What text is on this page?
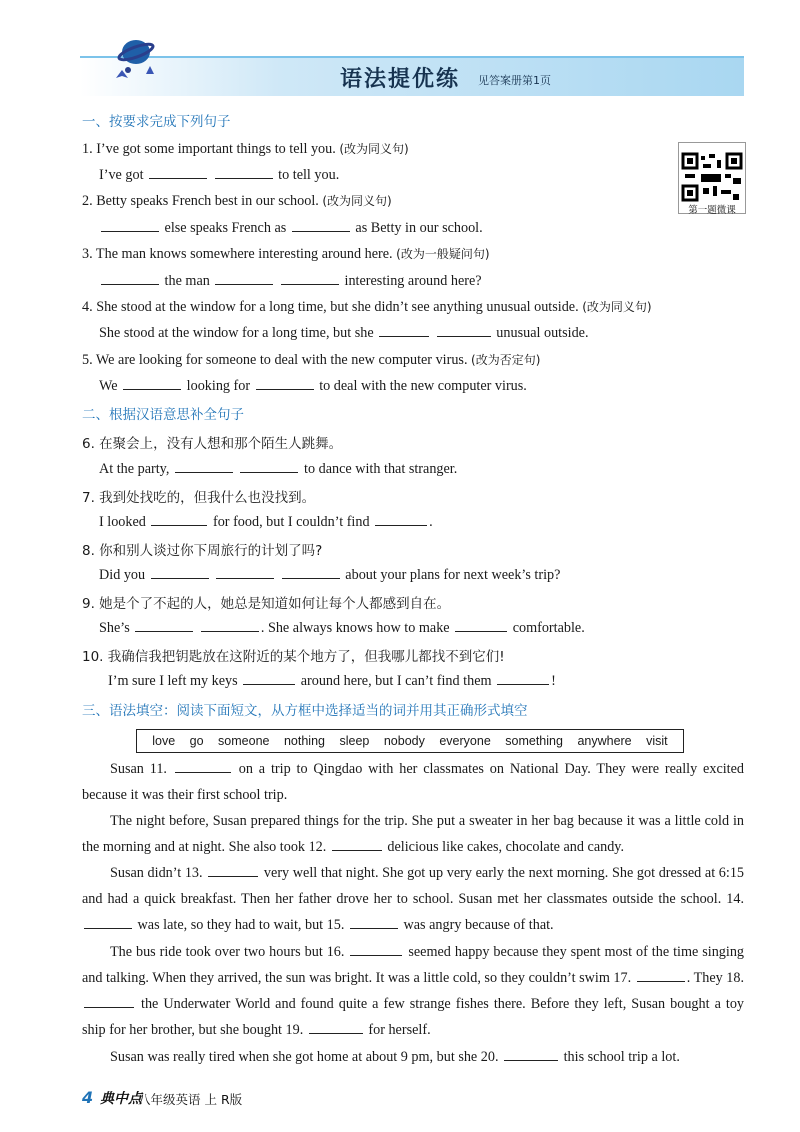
语法提优练 见答案册第1页
第一题微课
一、按要求完成下列句子
1. I’ve got some important things to tell you. (改为同义句)
I’ve got	to tell you.
2. Betty speaks French best in our school. (改为同义句)
else speaks French as	as Betty in our school.
3. The man knows somewhere interesting around here. (改为一般疑问句)
the man	interesting around here?
4. She stood at the window for a long time, but she didn’t see anything unusual outside. (改为同义句)
She stood at the window for a long time, but she	unusual outside.
5. We are looking for someone to deal with the new computer virus. (改为否定句)
We	looking for	to deal with the new computer virus.
二、根据汉语意思补全句子
6. 在聚会上，没有人想和那个陌生人跳舞。
At the party,	to dance with that stranger.
7. 我到处找吃的，但我什么也没找到。
I looked	for food, but I couldn’t find	.
8. 你和别人谈过你下周旅行的计划了吗?
Did you	about your plans for next week’s trip?
9. 她是个了不起的人，她总是知道如何让每个人都感到自在。
She’s	. She always knows how to make	comfortable.
10. 我确信我把钥匙放在这附近的某个地方了，但我哪儿都找不到它们!
I’m sure I left my keys	around here, but I can’t find them	!
三、语法填空：阅读下面短文，从方框中选择适当的词并用其正确形式填空
love go someone nothing sleep nobody everyone something anywhere visit
Susan 11.	on a trip to Qingdao with her classmates on National Day. They were really excited because it was their first school trip.
The night before, Susan prepared things for the trip. She put a sweater in her bag because it was a little cold in the morning and at night. She also took 12.	delicious like cakes, chocolate and candy.
Susan didn’t 13.	very well that night. She got up very early the next morning. She got dressed at 6:15 and had a quick breakfast. Then her father drove her to school. Susan met her classmates outside the school. 14.  was late, so they had to wait, but 15.	was angry because of that.
The bus ride took over two hours but 16.	seemed happy because they spent most of the time singing and talking. When they arrived, the sun was bright. It was a little cold, so they couldn’t swim 17.	. They 18.  the Underwater World and found quite a few strange fishes there. Before they left, Susan bought a toy ship for her brother, but she bought 19.	for herself.
Susan was really tired when she got home at about 9 pm, but she 20.	this school trip a lot.
4 典中点
八年级英语 上 R版
